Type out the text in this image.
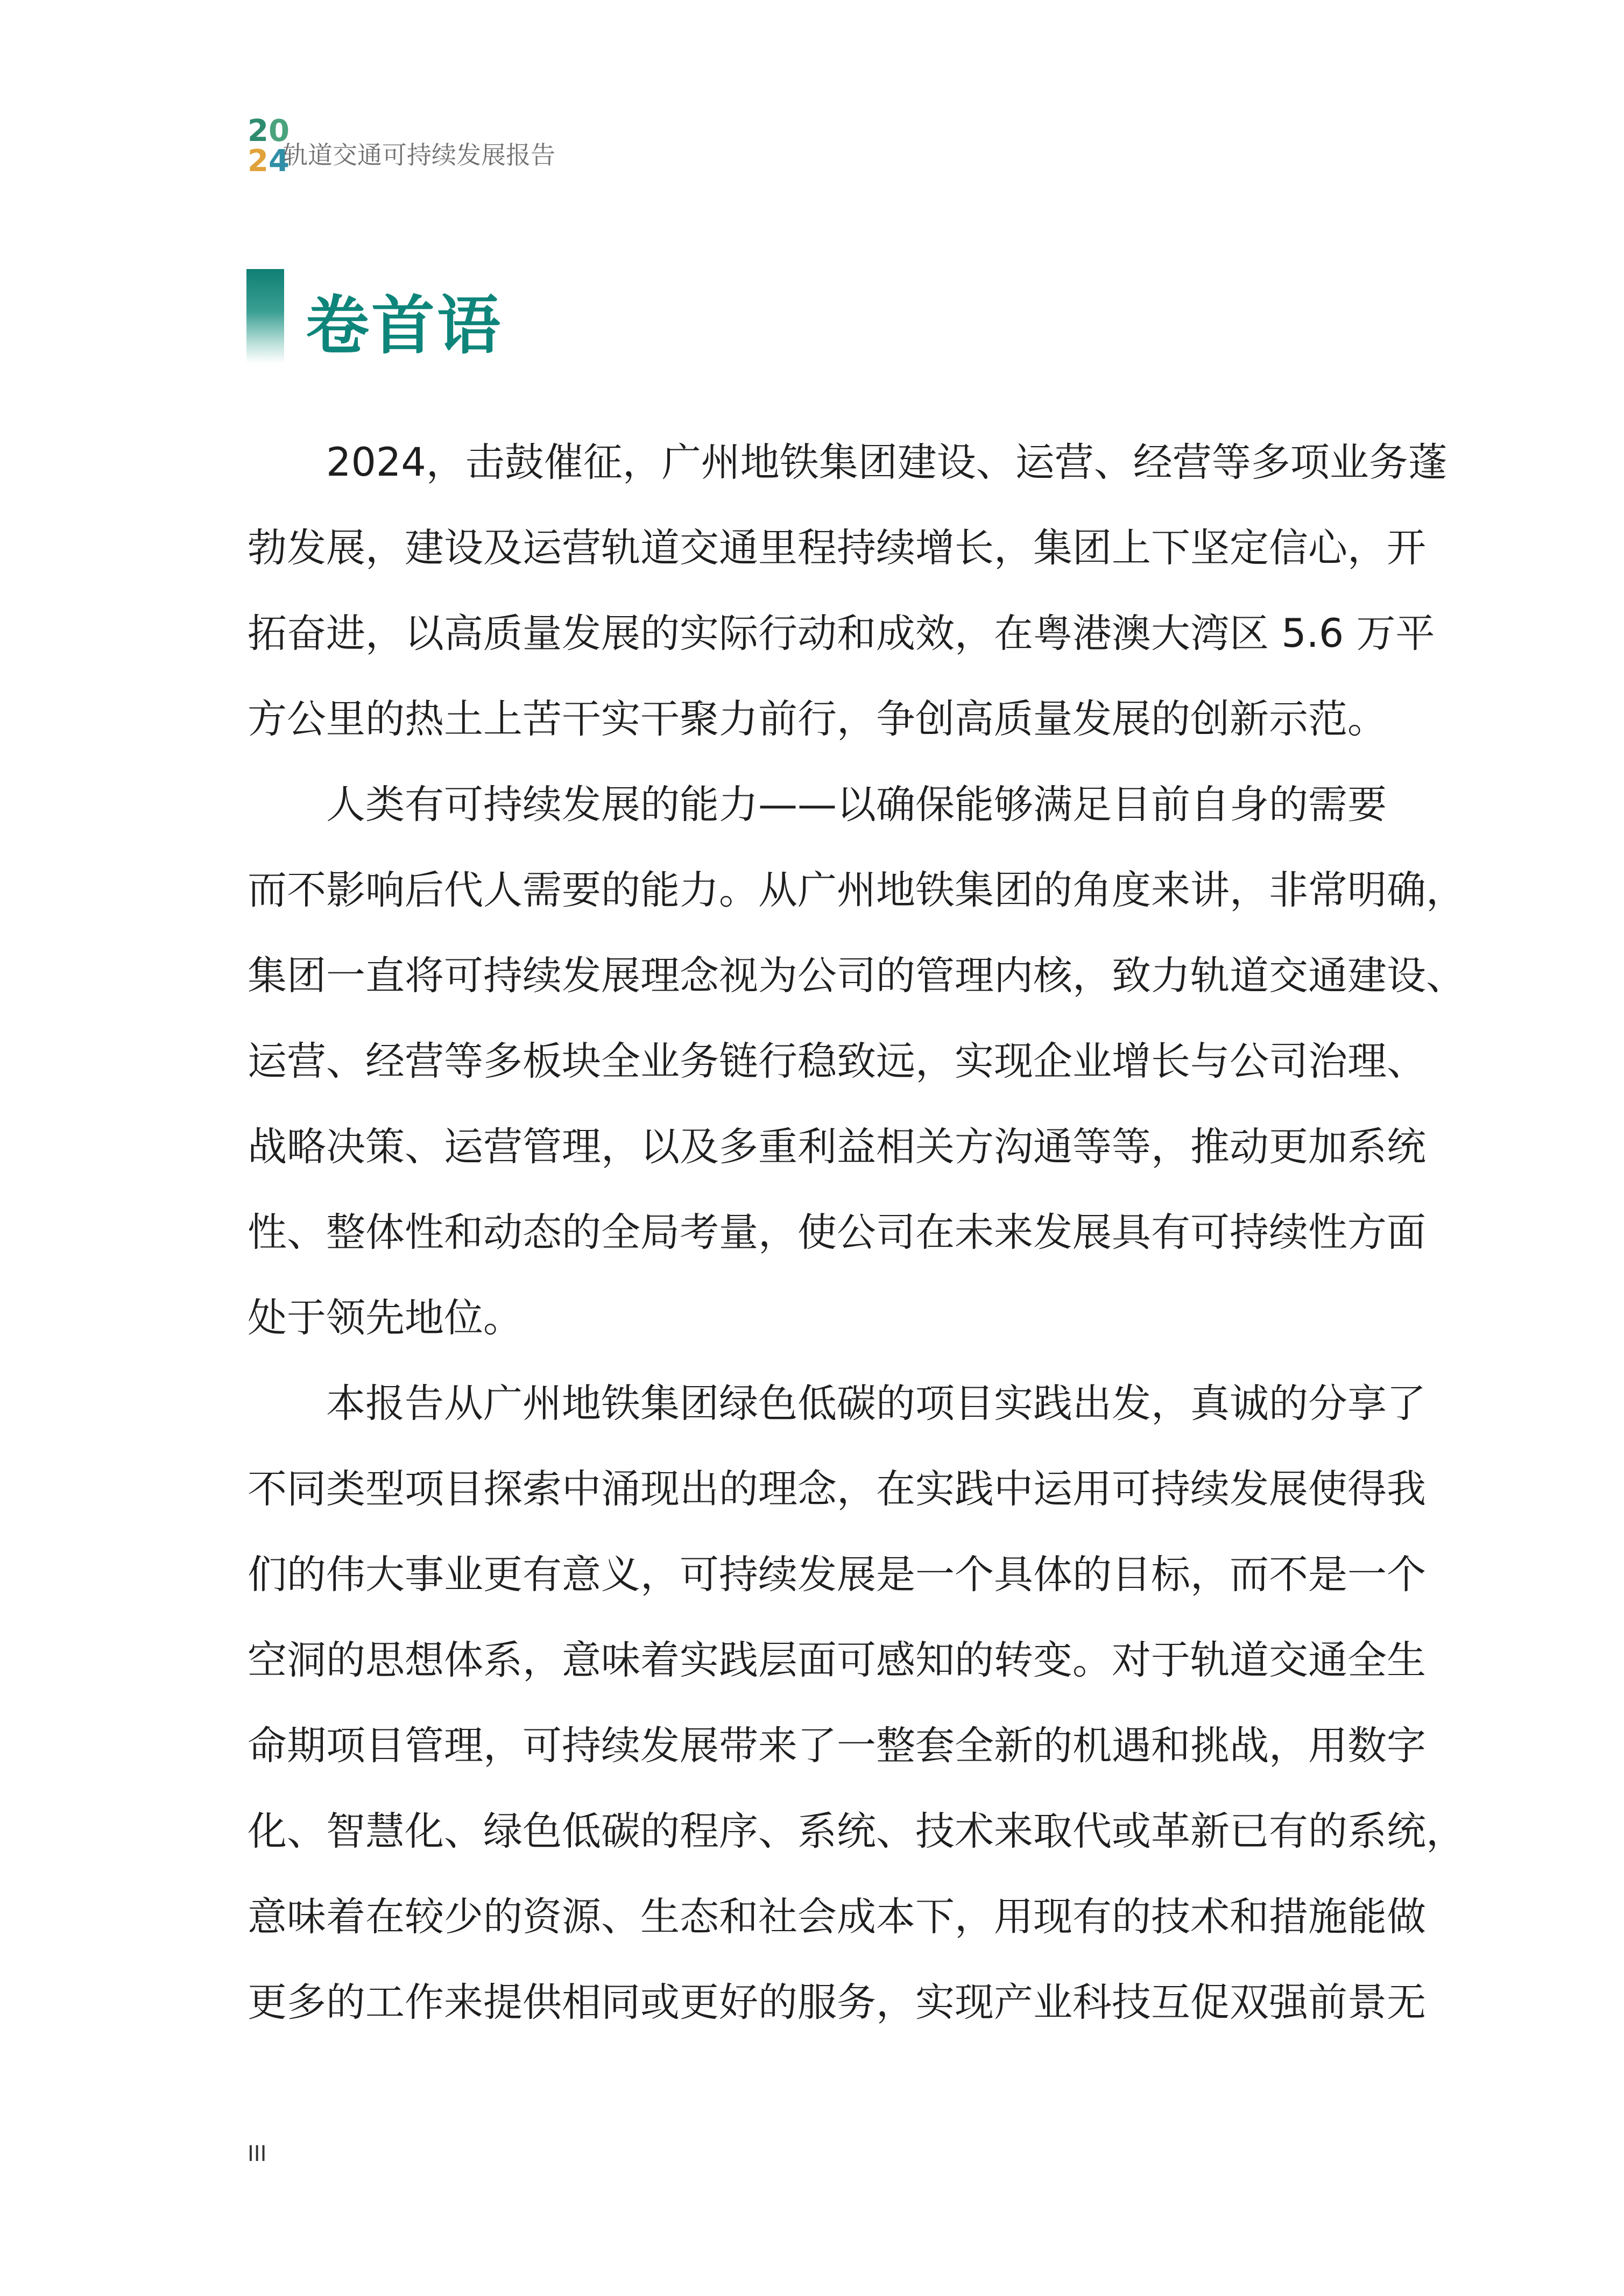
20
24
轨道交通可持续发展报告
卷首语
　　2024，击鼓催征，广州地铁集团建设、运营、经营等多项业务蓬
勃发展，建设及运营轨道交通里程持续增长，集团上下坚定信心，开
拓奋进，以高质量发展的实际行动和成效，在粤港澳大湾区 5.6 万平
方公里的热土上苦干实干聚力前行，争创高质量发展的创新示范。
　　人类有可持续发展的能力——以确保能够满足目前自身的需要
而不影响后代人需要的能力。从广州地铁集团的角度来讲，非常明确，
集团一直将可持续发展理念视为公司的管理内核，致力轨道交通建设、
运营、经营等多板块全业务链行稳致远，实现企业增长与公司治理、
战略决策、运营管理，以及多重利益相关方沟通等等，推动更加系统
性、整体性和动态的全局考量，使公司在未来发展具有可持续性方面
处于领先地位。
　　本报告从广州地铁集团绿色低碳的项目实践出发，真诚的分享了
不同类型项目探索中涌现出的理念，在实践中运用可持续发展使得我
们的伟大事业更有意义，可持续发展是一个具体的目标，而不是一个
空洞的思想体系，意味着实践层面可感知的转变。对于轨道交通全生
命期项目管理，可持续发展带来了一整套全新的机遇和挑战，用数字
化、智慧化、绿色低碳的程序、系统、技术来取代或革新已有的系统，
意味着在较少的资源、生态和社会成本下，用现有的技术和措施能做
更多的工作来提供相同或更好的服务，实现产业科技互促双强前景无
III
